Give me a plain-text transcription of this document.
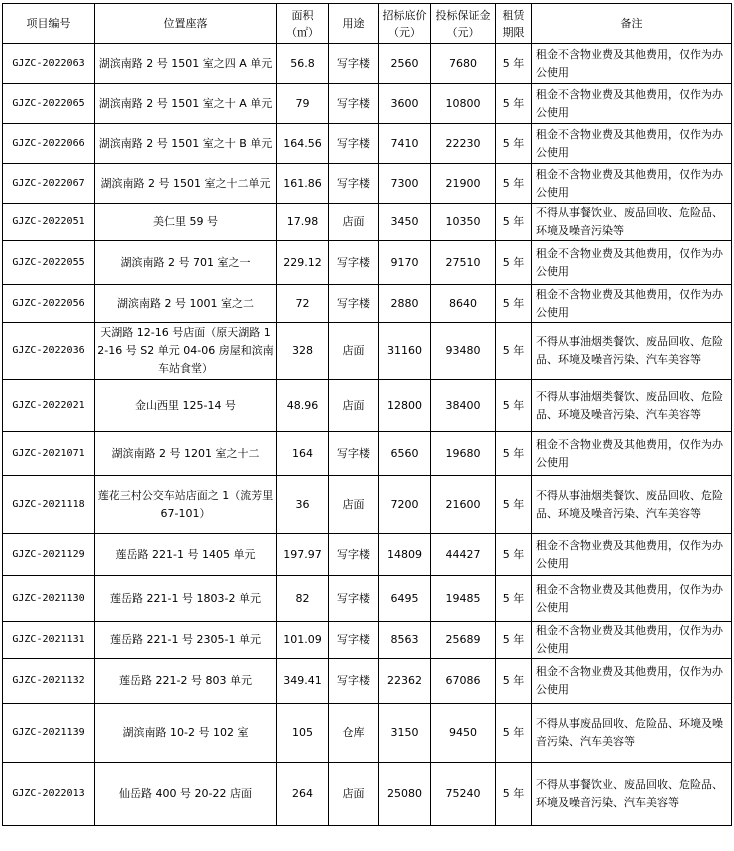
项目编号	位置座落	面积（㎡）	用途	招标底价（元）	投标保证金（元）	租赁期限	备注
GJZC-2022063	湖滨南路 2 号 1501 室之四 A 单元	56.8	写字楼	2560	7680	5 年	租金不含物业费及其他费用，仅作为办公使用
GJZC-2022065	湖滨南路 2 号 1501 室之十 A 单元	79	写字楼	3600	10800	5 年	租金不含物业费及其他费用，仅作为办公使用
GJZC-2022066	湖滨南路 2 号 1501 室之十 B 单元	164.56	写字楼	7410	22230	5 年	租金不含物业费及其他费用，仅作为办公使用
GJZC-2022067	湖滨南路 2 号 1501 室之十二单元	161.86	写字楼	7300	21900	5 年	租金不含物业费及其他费用，仅作为办公使用
GJZC-2022051	美仁里 59 号	17.98	店面	3450	10350	5 年	不得从事餐饮业、废品回收、危险品、环境及噪音污染等
GJZC-2022055	湖滨南路 2 号 701 室之一	229.12	写字楼	9170	27510	5 年	租金不含物业费及其他费用，仅作为办公使用
GJZC-2022056	湖滨南路 2 号 1001 室之二	72	写字楼	2880	8640	5 年	租金不含物业费及其他费用，仅作为办公使用
GJZC-2022036	天湖路 12-16 号店面（原天湖路 12-16 号 S2 单元 04-06 房屋和滨南车站食堂）	328	店面	31160	93480	5 年	不得从事油烟类餐饮、废品回收、危险品、环境及噪音污染、汽车美容等
GJZC-2022021	金山西里 125-14 号	48.96	店面	12800	38400	5 年	不得从事油烟类餐饮、废品回收、危险品、环境及噪音污染、汽车美容等
GJZC-2021071	湖滨南路 2 号 1201 室之十二	164	写字楼	6560	19680	5 年	租金不含物业费及其他费用，仅作为办公使用
GJZC-2021118	莲花三村公交车站店面之 1（流芳里 67-101）	36	店面	7200	21600	5 年	不得从事油烟类餐饮、废品回收、危险品、环境及噪音污染、汽车美容等
GJZC-2021129	莲岳路 221-1 号 1405 单元	197.97	写字楼	14809	44427	5 年	租金不含物业费及其他费用，仅作为办公使用
GJZC-2021130	莲岳路 221-1 号 1803-2 单元	82	写字楼	6495	19485	5 年	租金不含物业费及其他费用，仅作为办公使用
GJZC-2021131	莲岳路 221-1 号 2305-1 单元	101.09	写字楼	8563	25689	5 年	租金不含物业费及其他费用，仅作为办公使用
GJZC-2021132	莲岳路 221-2 号 803 单元	349.41	写字楼	22362	67086	5 年	租金不含物业费及其他费用，仅作为办公使用
GJZC-2021139	湖滨南路 10-2 号 102 室	105	仓库	3150	9450	5 年	不得从事废品回收、危险品、环境及噪音污染、汽车美容等
GJZC-2022013	仙岳路 400 号 20-22 店面	264	店面	25080	75240	5 年	不得从事餐饮业、废品回收、危险品、环境及噪音污染、汽车美容等
